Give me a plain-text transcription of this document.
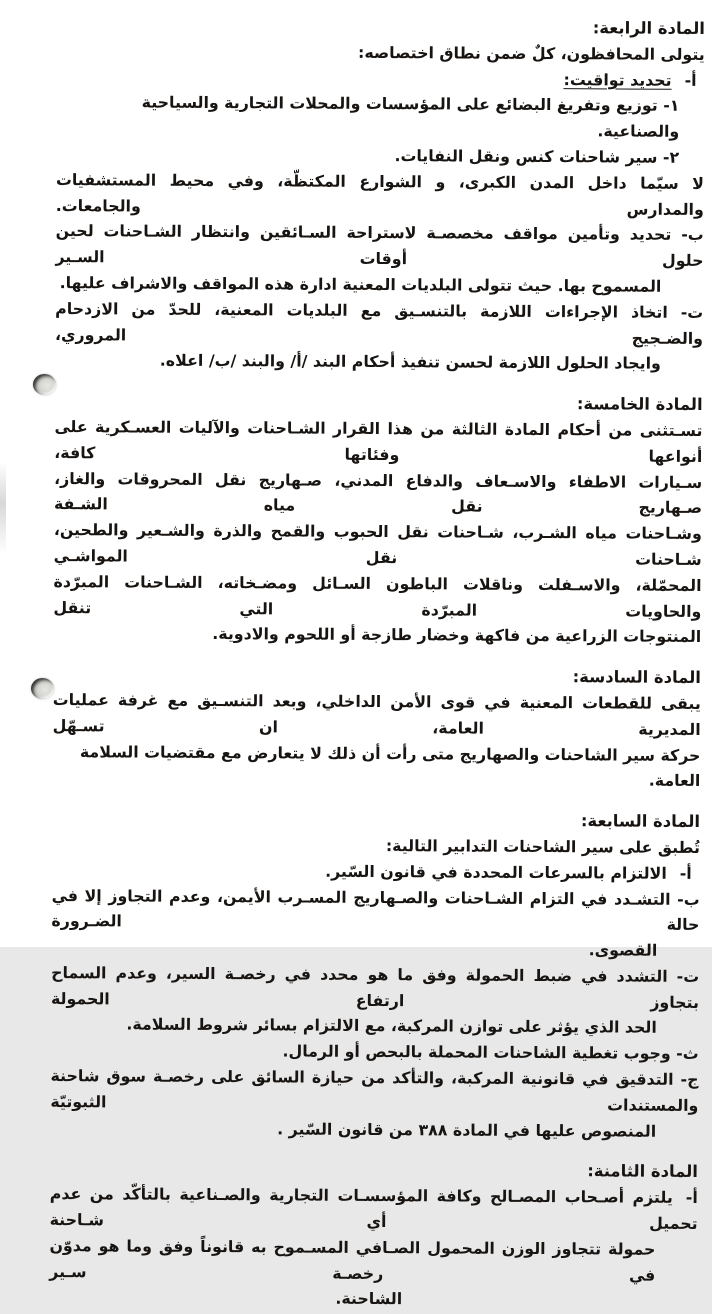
المادة الرابعة:
يتولى المحافظون، كلٌ ضمن نطاق اختصاصه:
أ-تحديد تواقيت:
١- توزيع وتفريغ البضائع على المؤسسات والمحلات التجارية والسياحية والصناعية.
٢- سير شاحنات كنس ونقل النفايات.
لا سيّما داخل المدن الكبرى، و الشوارع المكتظّة، وفي محيط المستشفيات والمدارس والجامعات.
ب- تحديد وتأمين مواقف مخصصـة لاستراحة السـائقين وانتظار الشـاحنات لحين حلول أوقات السـير
المسموح بها. حيث تتولى البلديات المعنية ادارة هذه المواقف والاشراف عليها.
ت- اتخاذ الإجراءات اللازمة بالتنسـيق مع البلديات المعنية، للحدّ من الازدحام والضـجيج المروري،
وايجاد الحلول اللازمة لحسن تنفيذ أحكام البند /أ/ والبند /ب/ اعلاه.
المادة الخامسة:
تسـتثنى من أحكام المادة الثالثة من هذا القرار الشـاحنات والآليات العسـكرية على أنواعها وفئاتها كافة،
سـيارات الاطفاء والاسـعاف والدفاع المدني، صـهاريج نقل المحروقات والغاز، صـهاريج نقل مياه الشـفة
وشـاحنات مياه الشـرب، شـاحنات نقل الحبوب والقمح والذرة والشـعير والطحين، شـاحنات نقل المواشـي
المحمّلة، والاسـفلت وناقلات الباطون السـائل ومضـخاته، الشـاحنات المبرّدة والحاويات المبرّدة التي تنقل
المنتوجات الزراعية من فاكهة وخضار طازجة أو اللحوم والادوية.
المادة السادسة:
يبقى للقطعات المعنية في قوى الأمن الداخلي، وبعد التنسـيق مع غرفة عمليات المديرية العامة، ان تسـهّل
حركة سير الشاحنات والصهاريج متى رأت أن ذلك لا يتعارض مع مقتضيات السلامة العامة.
المادة السابعة:
تُطبق على سير الشاحنات التدابير التالية:
أ-الالتزام بالسرعات المحددة في قانون السّير.
ب- التشـدد في التزام الشـاحنات والصـهاريج المسـرب الأيمن، وعدم التجاوز إلا في حالة الضـرورة
القصوى.
ت- التشدد في ضبط الحمولة وفق ما هو محدد في رخصـة السير، وعدم السماح بتجاوز ارتفاع الحمولة
الحد الذي يؤثر على توازن المركبة، مع الالتزام بسائر شروط السلامة.
ث- وجوب تغطية الشاحنات المحملة بالبحص أو الرمال.
ج- التدقيق في قانونية المركبة، والتأكد من حيازة السائق على رخصـة سوق شاحنة والمستندات الثبوتيّة
المنصوص عليها في المادة ٣٨٨ من قانون السّير .
المادة الثامنة:
أ-يلتزم أصـحاب المصـالح وكافة المؤسسـات التجارية والصـناعية بالتأكّد من عدم تحميل أي شـاحنة
حمولة تتجاوز الوزن المحمول الصـافي المسـموح به قانوناً وفق وما هو مدوّن في رخصـة سـير
الشاحنة.
